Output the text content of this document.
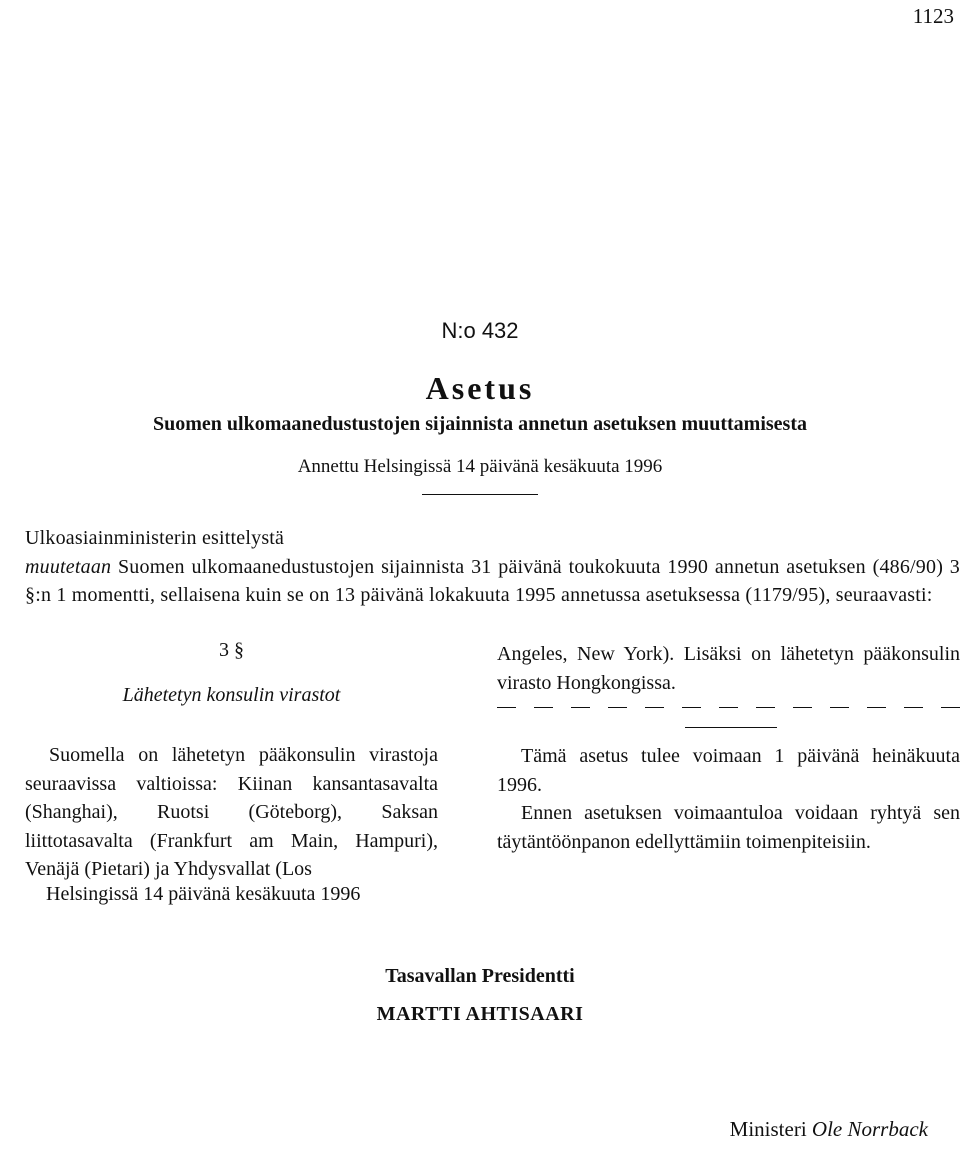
1123
N:o 432
Asetus
Suomen ulkomaanedustustojen sijainnista annetun asetuksen muuttamisesta
Annettu Helsingissä 14 päivänä kesäkuuta 1996

Ulkoasiainministerin esittelystä

muutetaan Suomen ulkomaanedustustojen sijainnista 31 päivänä toukokuuta 1990 annetun asetuksen (486/90) 3 §:n 1 momentti, sellaisena kuin se on 13 päivänä lokakuuta 1995 annetussa asetuksessa (1179/95), seuraavasti:

3 §
Lähetetyn konsulin virastot

Suomella on lähetetyn pääkonsulin virastoja seuraavissa valtioissa: Kiinan kansantasavalta (Shanghai), Ruotsi (Göteborg), Saksan liittotasavalta (Frankfurt am Main, Hampuri), Venäjä (Pietari) ja Yhdysvallat (Los

Angeles, New York). Lisäksi on lähetetyn pääkonsulin virasto Hongkongissa.

Tämä asetus tulee voimaan 1 päivänä heinäkuuta 1996.

Ennen asetuksen voimaantuloa voidaan ryhtyä sen täytäntöönpanon edellyttämiin toimenpiteisiin.

Helsingissä 14 päivänä kesäkuuta 1996
Tasavallan Presidentti
MARTTI AHTISAARI
Ministeri Ole Norrback
